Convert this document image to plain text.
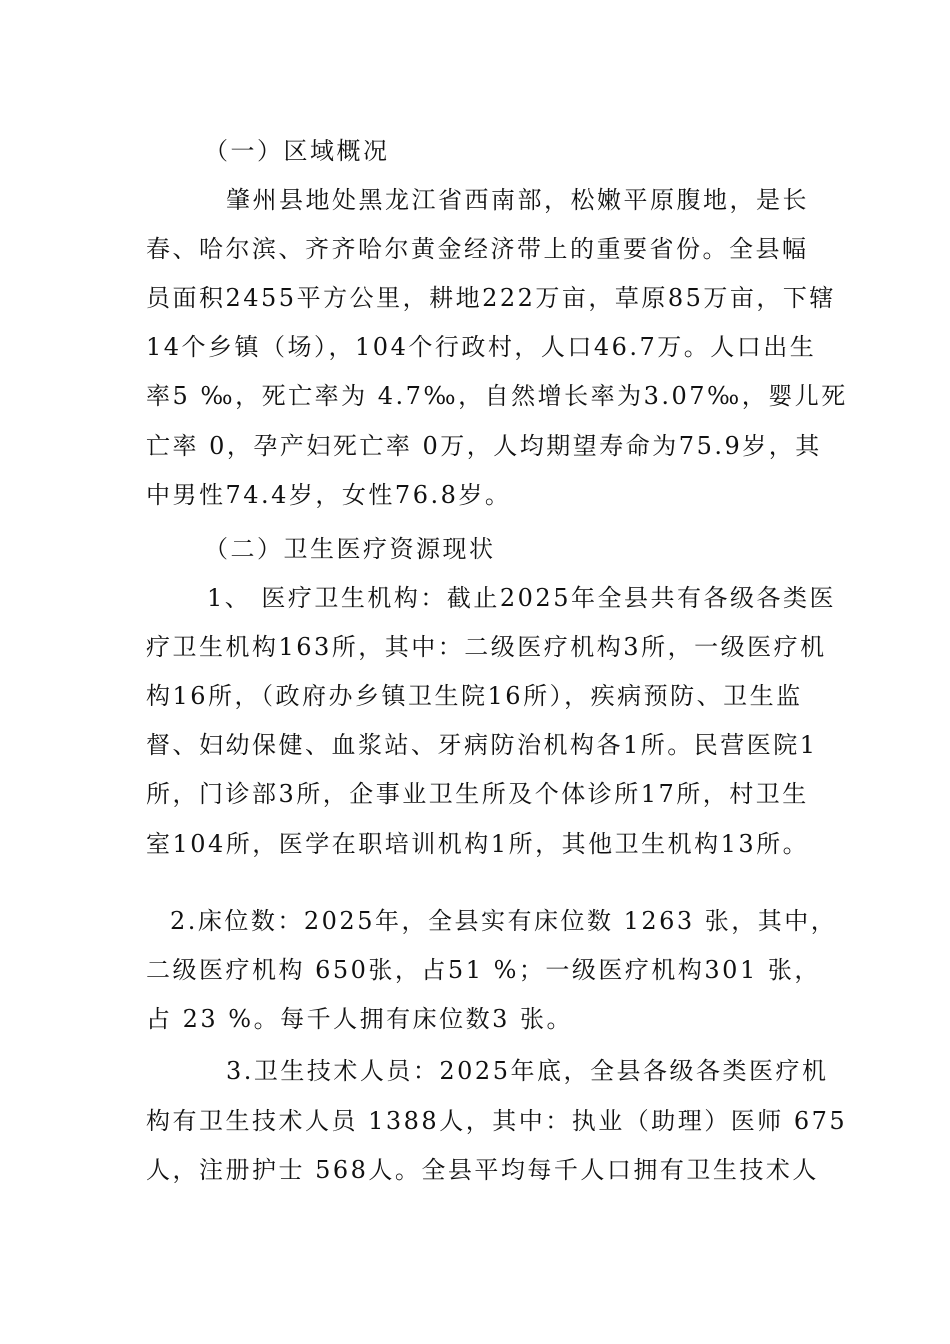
（一）区域概况
肇州县地处黑龙江省西南部，松嫩平原腹地，是长
春、哈尔滨、齐齐哈尔黄金经济带上的重要省份。全县幅
员面积2455平方公里，耕地222万亩，草原85万亩，下辖
14个乡镇（场），104个行政村，人口46.7万。人口出生
率5 ‰，死亡率为 4.7‰，自然增长率为3.07‰，婴儿死
亡率 0，孕产妇死亡率 0万，人均期望寿命为75.9岁，其
中男性74.4岁，女性76.8岁。
（二）卫生医疗资源现状
1、 医疗卫生机构：截止2025年全县共有各级各类医
疗卫生机构163所，其中：二级医疗机构3所，一级医疗机
构16所，（政府办乡镇卫生院16所），疾病预防、卫生监
督、妇幼保健、血浆站、牙病防治机构各1所。民营医院1
所，门诊部3所，企事业卫生所及个体诊所17所，村卫生
室104所，医学在职培训机构1所，其他卫生机构13所。
2.床位数：2025年，全县实有床位数 1263 张，其中，
二级医疗机构 650张，占51 %；一级医疗机构301 张，
占 23 %。每千人拥有床位数3 张。
3.卫生技术人员：2025年底，全县各级各类医疗机
构有卫生技术人员 1388人，其中：执业（助理）医师 675
人，注册护士 568人。全县平均每千人口拥有卫生技术人
